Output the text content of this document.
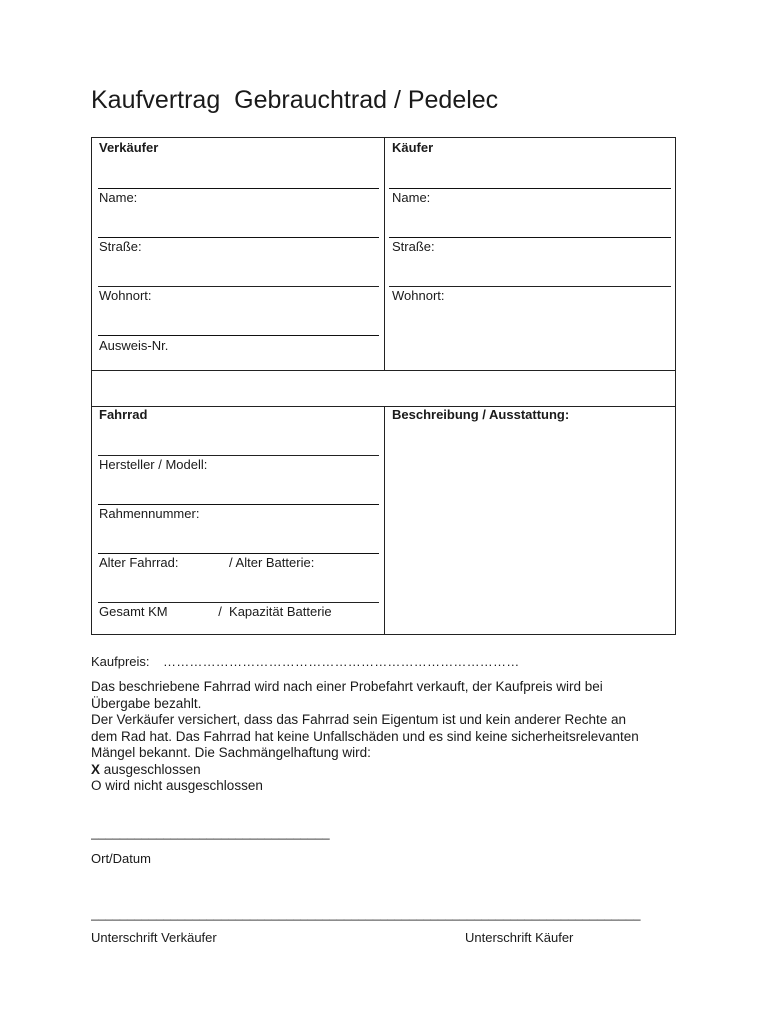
Kaufvertrag  Gebrauchtrad / Pedelec
Verkäufer
Name:
Straße:
Wohnort:
Ausweis-Nr.
Käufer
Name:
Straße:
Wohnort:
Fahrrad
Hersteller / Modell:
Rahmennummer:
Alter Fahrrad:              / Alter Batterie:
Gesamt KM              /  Kapazität Batterie
Beschreibung / Ausstattung:
Kaufpreis: ………………………………………………………………………
Das beschriebene Fahrrad wird nach einer Probefahrt verkauft, der Kaufpreis wird bei
Übergabe bezahlt.
Der Verkäufer versichert, dass das Fahrrad sein Eigentum ist und kein anderer Rechte an
dem Rad hat. Das Fahrrad hat keine Unfallschäden und es sind keine sicherheitsrelevanten
Mängel bekannt. Die Sachmängelhaftung wird:
X ausgeschlossen
O wird nicht ausgeschlossen
_________________________________
Ort/Datum
____________________________________________________________________________
Unterschrift Verkäufer	Unterschrift Käufer
